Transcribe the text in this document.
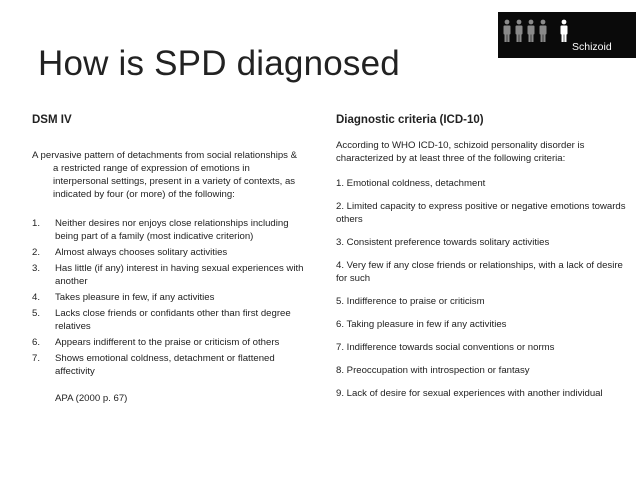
Schizoid
How is SPD diagnosed
DSM IV
A pervasive pattern of detachments from social relationships & a restricted range of expression of emotions in interpersonal settings, present in a variety of contexts, as indicated by four (or more) of the following:
1.	Neither desires nor enjoys close relationships including being part of a family (most indicative criterion)
2.	Almost always chooses solitary activities
3.	Has little (if any) interest in having sexual experiences with another
4.	Takes pleasure in few, if any activities
5.	Lacks close friends or confidants other than first degree relatives
6.	Appears indifferent to the praise or criticism of others
7.	Shows emotional coldness, detachment or flattened affectivity
APA (2000 p. 67)
Diagnostic criteria (ICD-10)
According to WHO ICD-10, schizoid personality disorder is characterized by at least three of the following criteria:
1. Emotional coldness, detachment
2. Limited capacity to express positive or negative emotions towards others
3. Consistent preference towards solitary activities
4. Very few if any close friends or relationships, with a lack of desire for such
5. Indifference to praise or criticism
6. Taking pleasure in few if any activities
7. Indifference towards social conventions or norms
8. Preoccupation with introspection or fantasy
9. Lack of desire for sexual experiences with another individual
